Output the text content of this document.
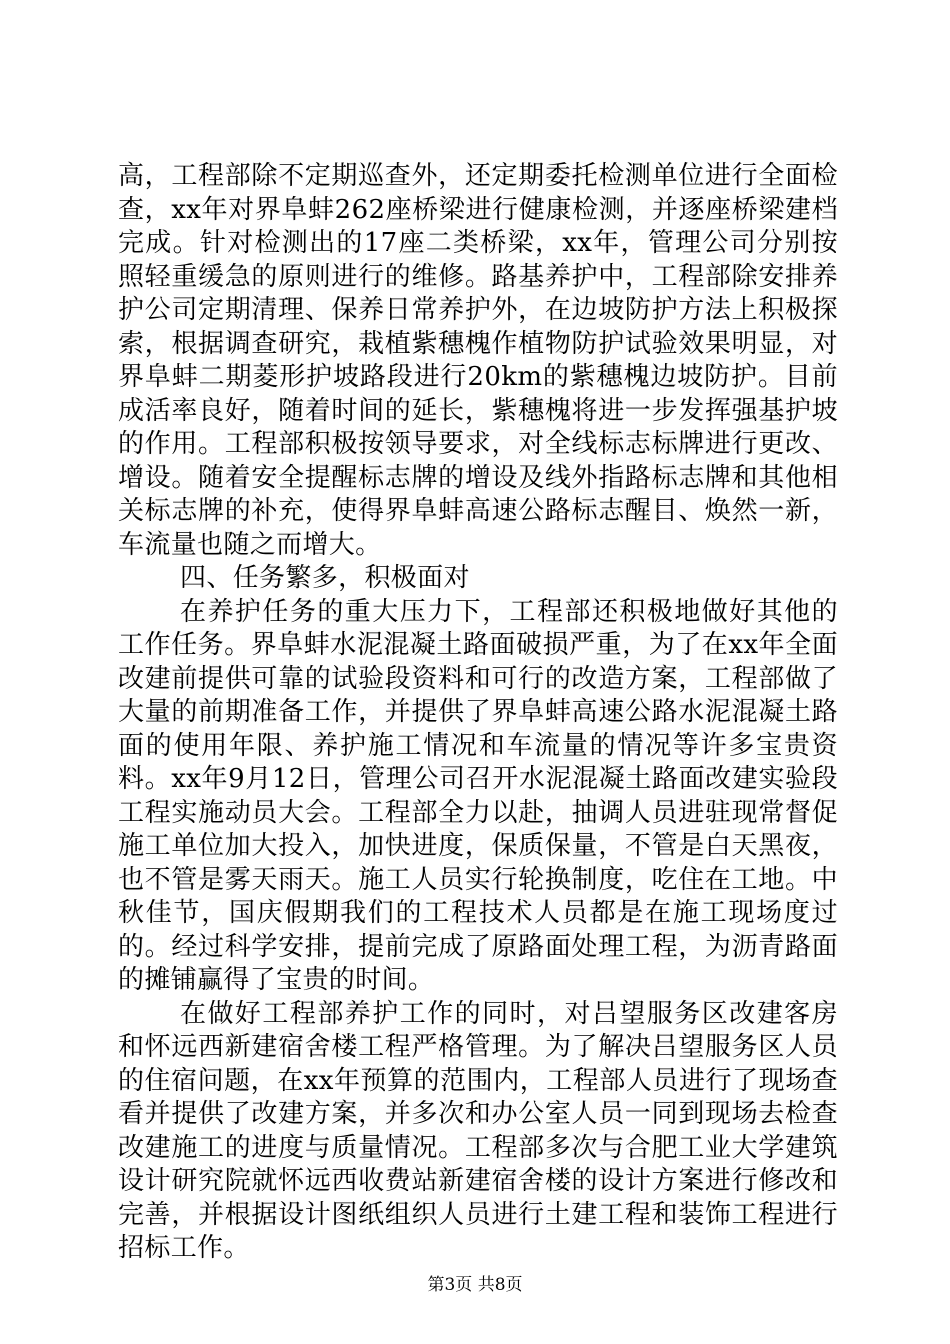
高，工程部除不定期巡查外，还定期委托检测单位进行全面检查，xx年对界阜蚌262座桥梁进行健康检测，并逐座桥梁建档完成。针对检测出的17座二类桥梁，xx年，管理公司分别按照轻重缓急的原则进行的维修。路基养护中，工程部除安排养护公司定期清理、保养日常养护外，在边坡防护方法上积极探索，根据调查研究，栽植紫穗槐作植物防护试验效果明显，对界阜蚌二期菱形护坡路段进行20km的紫穗槐边坡防护。目前成活率良好，随着时间的延长，紫穗槐将进一步发挥强基护坡的作用。工程部积极按领导要求，对全线标志标牌进行更改、增设。随着安全提醒标志牌的增设及线外指路标志牌和其他相关标志牌的补充，使得界阜蚌高速公路标志醒目、焕然一新，车流量也随之而增大。

四、任务繁多，积极面对

在养护任务的重大压力下，工程部还积极地做好其他的工作任务。界阜蚌水泥混凝土路面破损严重，为了在xx年全面改建前提供可靠的试验段资料和可行的改造方案，工程部做了大量的前期准备工作，并提供了界阜蚌高速公路水泥混凝土路面的使用年限、养护施工情况和车流量的情况等许多宝贵资料。xx年9月12日，管理公司召开水泥混凝土路面改建实验段工程实施动员大会。工程部全力以赴，抽调人员进驻现常督促施工单位加大投入，加快进度，保质保量，不管是白天黑夜，也不管是雾天雨天。施工人员实行轮换制度，吃住在工地。中秋佳节，国庆假期我们的工程技术人员都是在施工现场度过的。经过科学安排，提前完成了原路面处理工程，为沥青路面的摊铺赢得了宝贵的时间。

在做好工程部养护工作的同时，对吕望服务区改建客房和怀远西新建宿舍楼工程严格管理。为了解决吕望服务区人员的住宿问题，在xx年预算的范围内，工程部人员进行了现场查看并提供了改建方案，并多次和办公室人员一同到现场去检查改建施工的进度与质量情况。工程部多次与合肥工业大学建筑设计研究院就怀远西收费站新建宿舍楼的设计方案进行修改和完善，并根据设计图纸组织人员进行土建工程和装饰工程进行招标工作。

第3页 共8页
